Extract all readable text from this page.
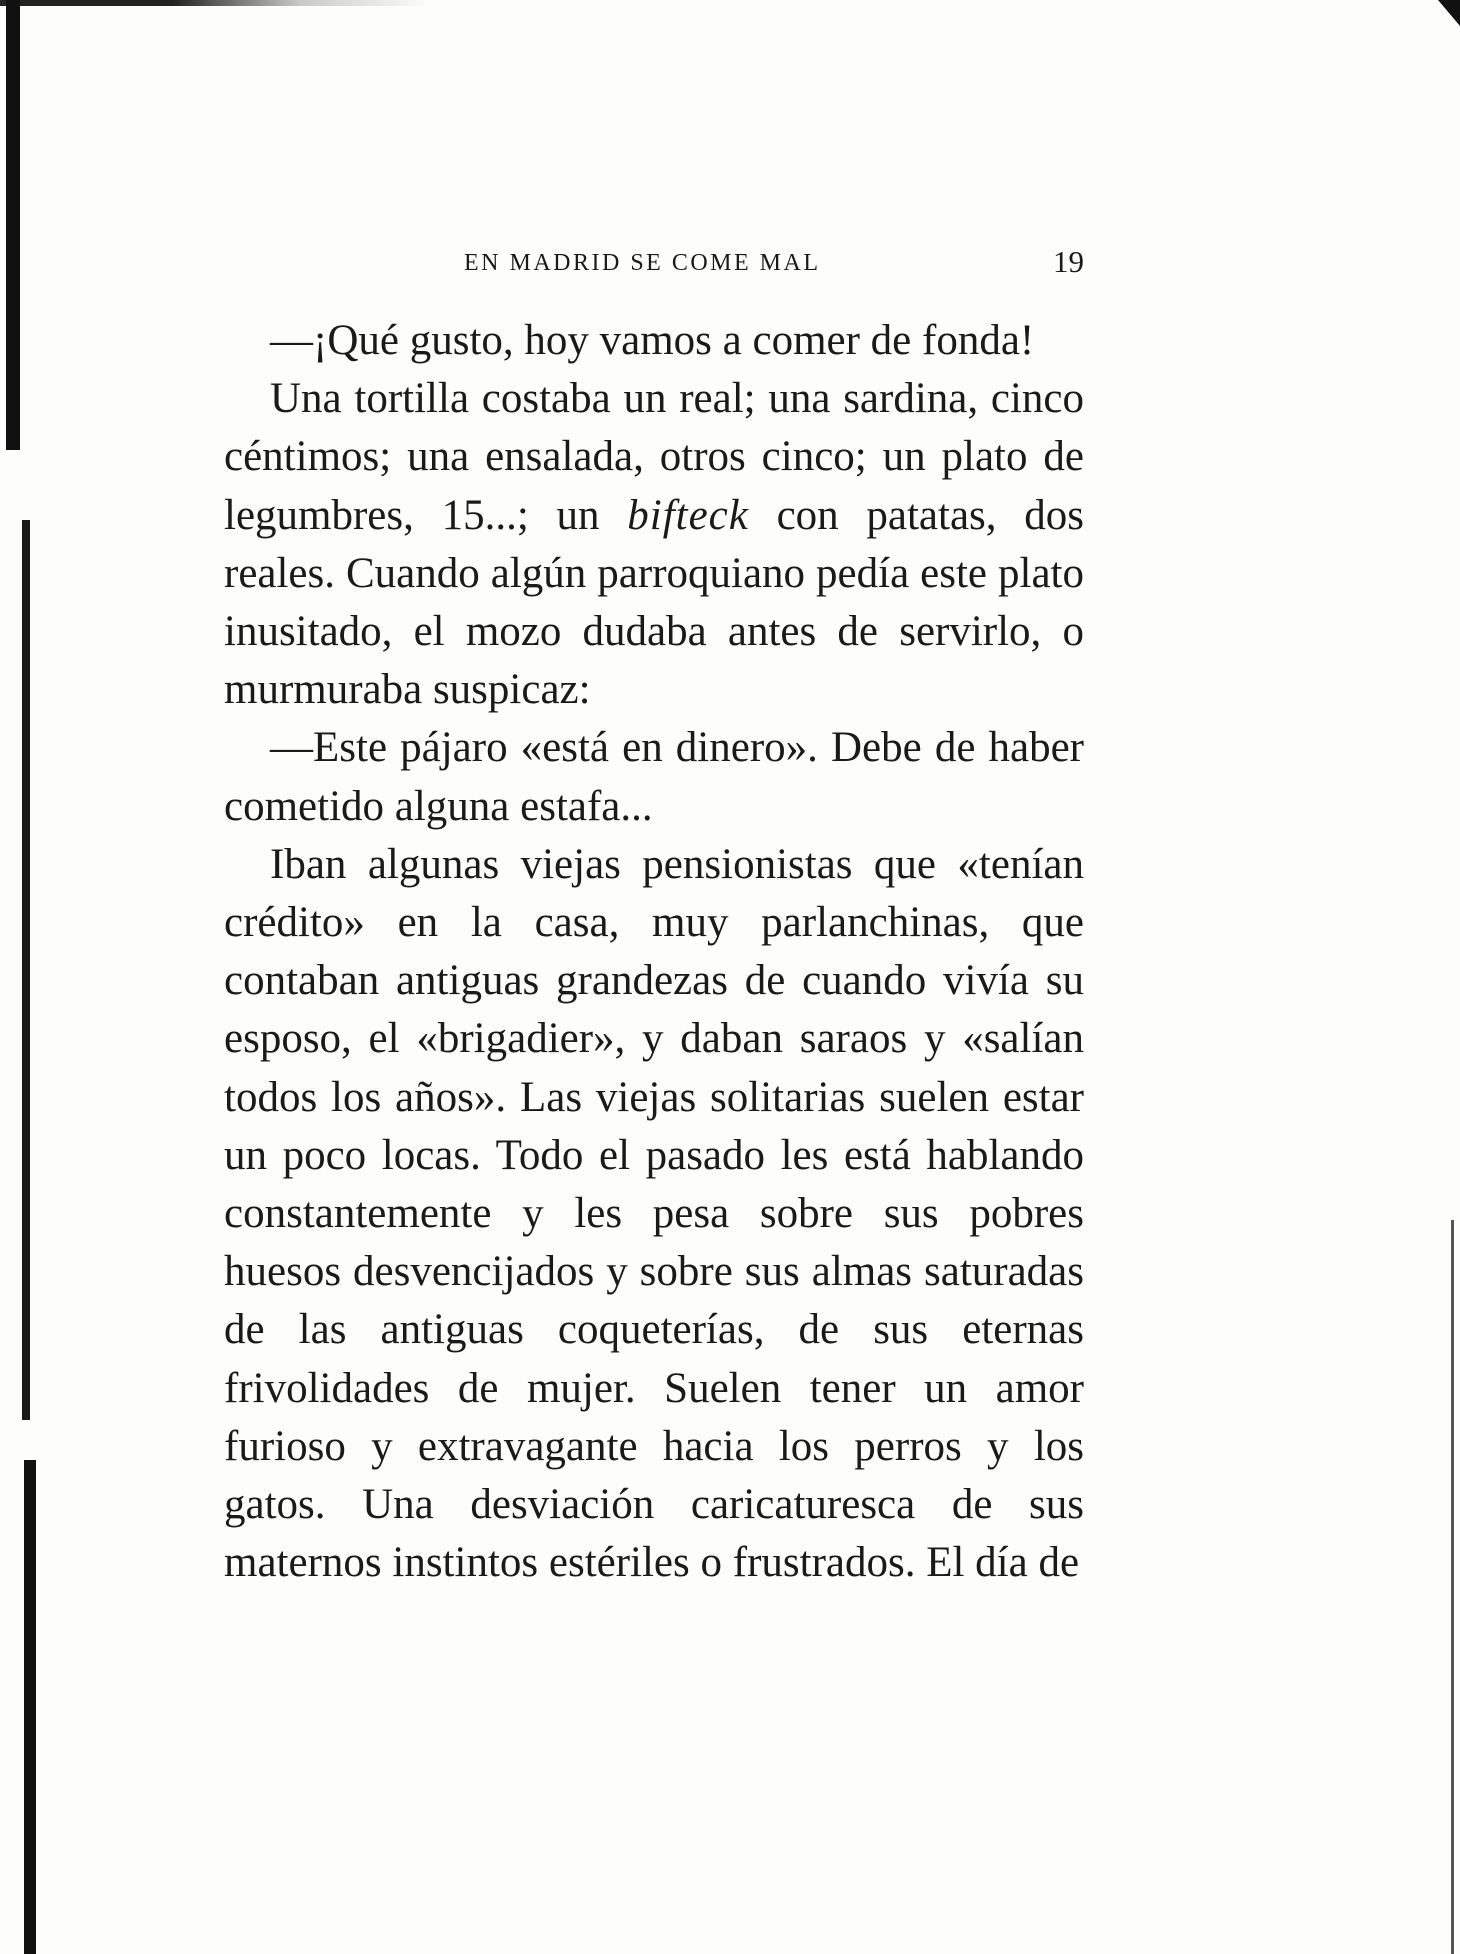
EN MADRID SE COME MAL	19

—¡Qué gusto, hoy vamos a comer de fonda!

Una tortilla costaba un real; una sardina, cinco céntimos; una ensalada, otros cinco; un plato de legumbres, 15...; un bifteck con patatas, dos reales. Cuando algún parroquiano pedía este plato inusitado, el mozo dudaba antes de servirlo, o murmuraba suspicaz:

—Este pájaro «está en dinero». Debe de haber cometido alguna estafa...

Iban algunas viejas pensionistas que «tenían crédito» en la casa, muy parlanchinas, que contaban antiguas grandezas de cuando vivía su esposo, el «brigadier», y daban saraos y «salían todos los años». Las viejas solitarias suelen estar un poco locas. Todo el pasado les está hablando constantemente y les pesa sobre sus pobres huesos desvencijados y sobre sus almas saturadas de las antiguas coqueterías, de sus eternas frivolidades de mujer. Suelen tener un amor furioso y extravagante hacia los perros y los gatos. Una desviación caricaturesca de sus maternos instintos estériles o frustrados. El día de
